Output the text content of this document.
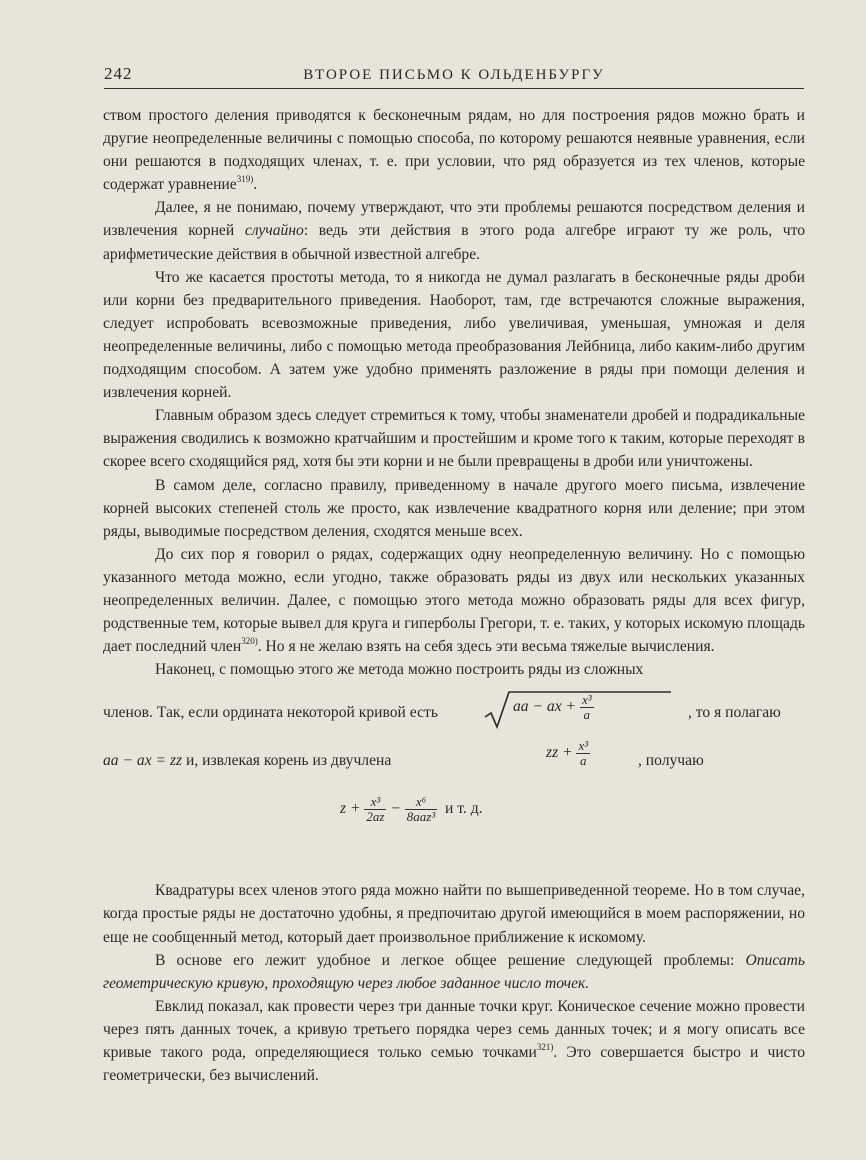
242	ВТОРОЕ ПИСЬМО К ОЛЬДЕНБУРГУ

ством простого деления приводятся к бесконечным рядам, но для построения рядов можно брать и другие неопределенные величины с помощью способа, по которому решаются неявные уравнения, если они решаются в подходящих членах, т. е. при условии, что ряд образуется из тех членов, которые содержат уравнение$^{319)}$.

Далее, я не понимаю, почему утверждают, что эти проблемы решаются посредством деления и извлечения корней случайно: ведь эти действия в этого рода алгебре играют ту же роль, что арифметические действия в обычной известной алгебре.

Что же касается простоты метода, то я никогда не думал разлагать в бесконечные ряды дроби или корни без предварительного приведения. Наоборот, там, где встречаются сложные выражения, следует испробовать всевозможные приведения, либо увеличивая, уменьшая, умножая и деля неопределенные величины, либо с помощью метода преобразования Лейбница, либо каким-либо другим подходящим способом. А затем уже удобно применять разложение в ряды при помощи деления и извлечения корней.

Главным образом здесь следует стремиться к тому, чтобы знаменатели дробей и подрадикальные выражения сводились к возможно кратчайшим и простейшим и кроме того к таким, которые переходят в скорее всего сходящийся ряд, хотя бы эти корни и не были превращены в дроби или уничтожены.

В самом деле, согласно правилу, приведенному в начале другого моего письма, извлечение корней высоких степеней столь же просто, как извлечение квадратного корня или деление; при этом ряды, выводимые посредством деления, сходятся меньше всех.

До сих пор я говорил о рядах, содержащих одну неопределенную величину. Но с помощью указанного метода можно, если угодно, также образовать ряды из двух или нескольких указанных неопределенных величин. Далее, с помощью этого метода можно образовать ряды для всех фигур, родственные тем, которые вывел для круга и гиперболы Грегори, т. е. таких, у которых искомую площадь дает последний член$^{320)}$. Но я не желаю взять на себя здесь эти весьма тяжелые вычисления.

Наконец, с помощью этого же метода можно построить ряды из сложных

членов. Так, если ордината некоторой кривой есть	aa − ax + $\frac{\text{x³}}{a}$	, то я полагаю
aa − ax = zz и, извлекая корень из двучлена	zz + $\frac{\text{x³}}{a}$	, получаю
$z + \frac{\text{x³}}{2az} - \frac{\text{x⁶}}{\text{8aaz³}}$ и т. д.

Квадратуры всех членов этого ряда можно найти по вышеприведенной теореме. Но в том случае, когда простые ряды не достаточно удобны, я предпочитаю другой имеющийся в моем распоряжении, но еще не сообщенный метод, который дает произвольное приближение к искомому.

В основе его лежит удобное и легкое общее решение следующей проблемы: Описать геометрическую кривую, проходящую через любое заданное число точек.

Евклид показал, как провести через три данные точки круг. Коническое сечение можно провести через пять данных точек, а кривую третьего порядка через семь данных точек; и я могу описать все кривые такого рода, определяющиеся только семью точками$^{321)}$. Это совершается быстро и чисто геометрически, без вычислений.
